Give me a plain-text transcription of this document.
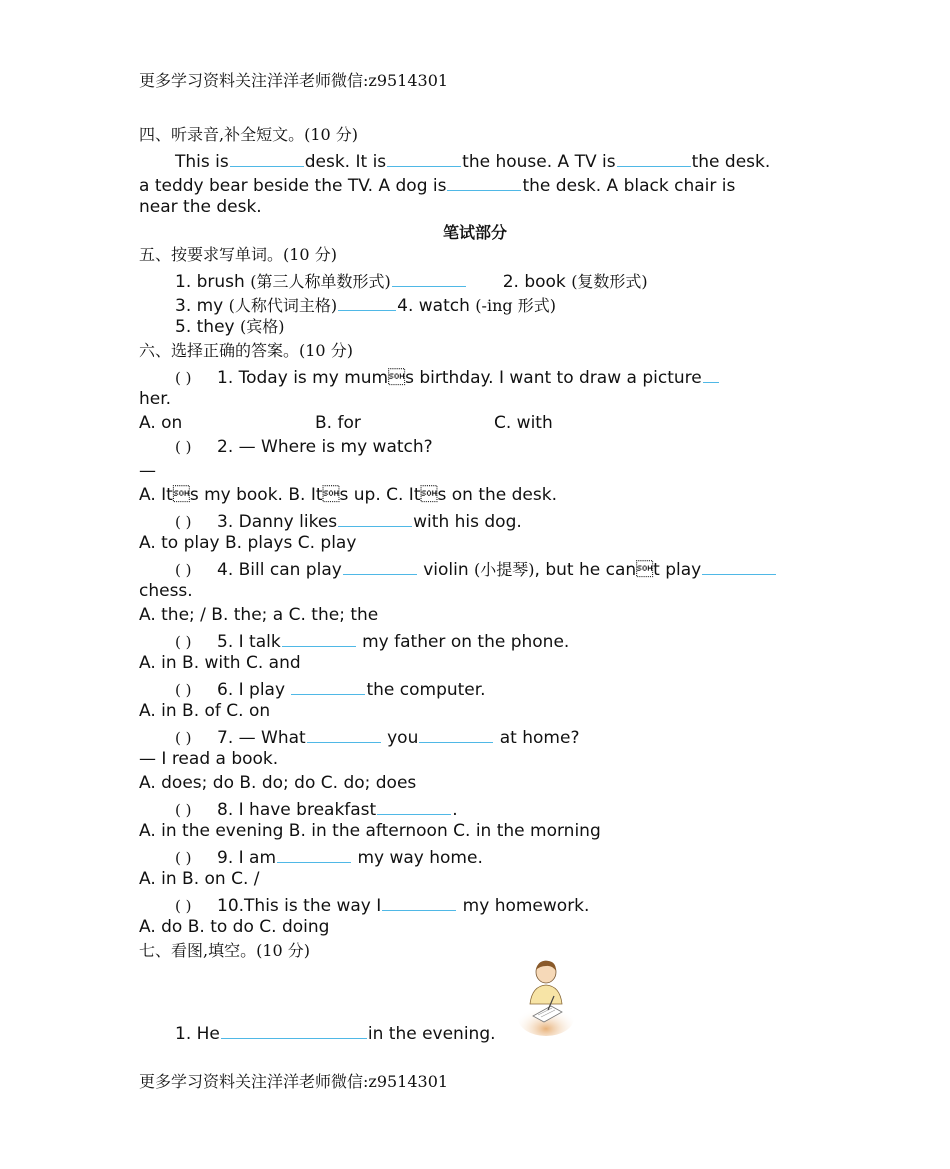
更多学习资料关注洋洋老师微信:z9514301
四、听录音,补全短文。(10 分)
This is	desk. It is	the house. A TV is	the desk.
a teddy bear beside the TV. A dog is	the desk. A black chair is
near the desk.
笔试部分
五、按要求写单词。(10 分)
1. brush (第三人称单数形式)	2. book (复数形式)
3. my (人称代词主格)	4. watch (-ing 形式)
5. they (宾格)
六、选择正确的答案。(10 分)
( ) 1. Today is my mums birthday. I want to draw a picture
her.
A. on	B. for	C. with
( ) 2. — Where is my watch?
—
A. Its my book. B. Its up. C. Its on the desk.
( ) 3. Danny likes	with his dog.
A. to play B. plays C. play
( ) 4. Bill can play	violin (小提琴), but he cant play
chess.
A. the; / B. the; a C. the; the
( ) 5. I talk	my father on the phone.
A. in B. with C. and
( ) 6. I play	the computer.
A. in B. of C. on
( ) 7. — What	you	at home?
— I read a book.
A. does; do B. do; do C. do; does
( ) 8. I have breakfast	.
A. in the evening B. in the afternoon C. in the morning
( ) 9. I am	my way home.
A. in B. on C. /
( ) 10.This is the way I	my homework.
A. do B. to do C. doing
七、看图,填空。(10 分)
1. He	in the evening.
更多学习资料关注洋洋老师微信:z9514301
